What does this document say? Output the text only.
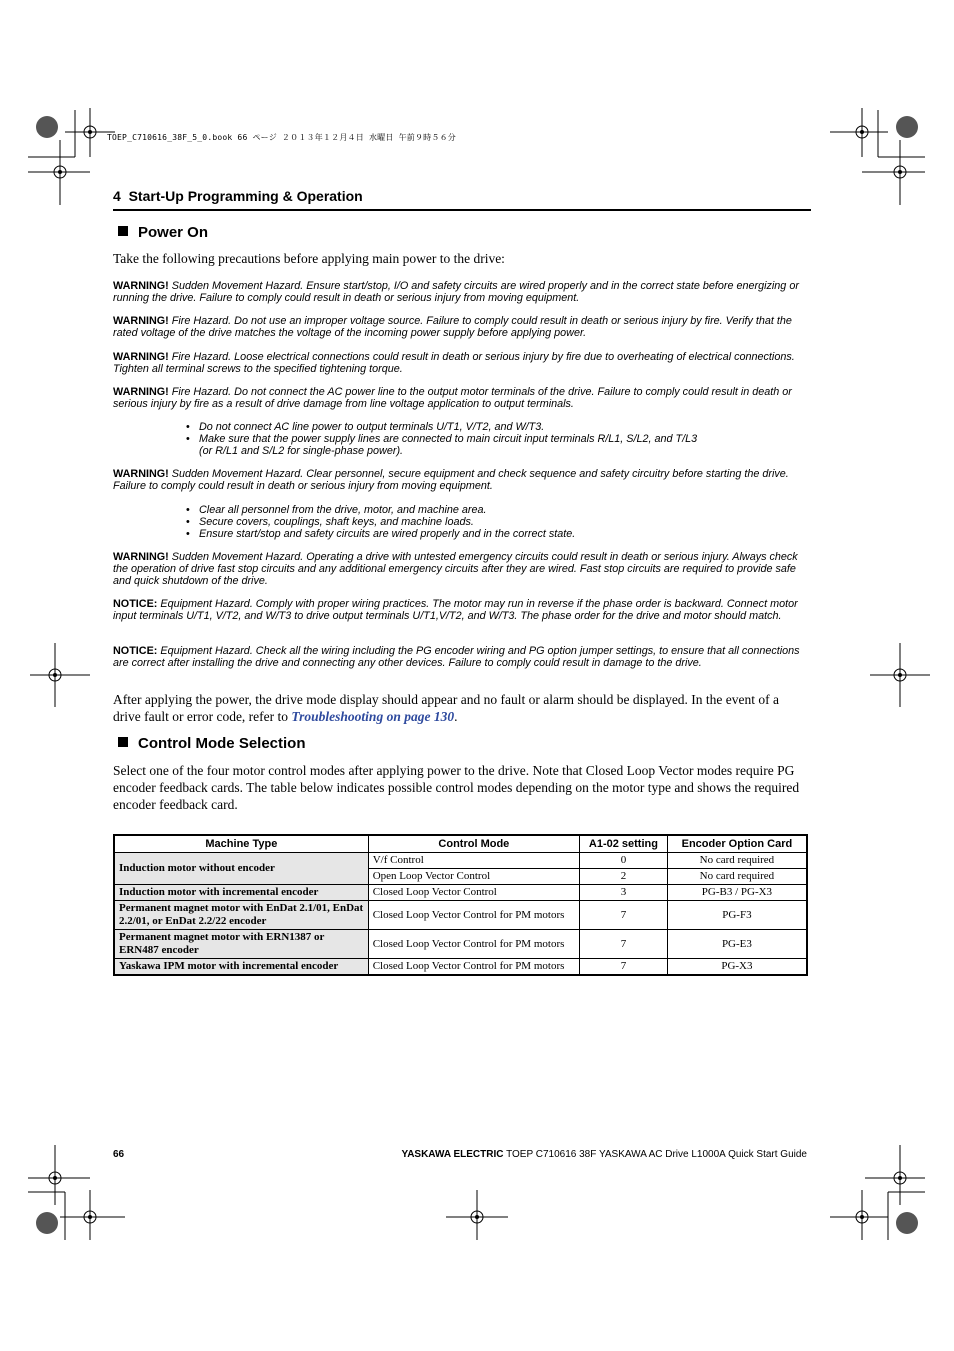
TOEP_C710616_38F_5_0.book 66 ページ ２０１３年１２月４日 水曜日 午前９時５６分
4 Start-Up Programming & Operation
Power On
Take the following precautions before applying main power to the drive:
WARNING! Sudden Movement Hazard. Ensure start/stop, I/O and safety circuits are wired properly and in the correct state before energizing or running the drive. Failure to comply could result in death or serious injury from moving equipment.
WARNING! Fire Hazard. Do not use an improper voltage source. Failure to comply could result in death or serious injury by fire. Verify that the rated voltage of the drive matches the voltage of the incoming power supply before applying power.
WARNING! Fire Hazard. Loose electrical connections could result in death or serious injury by fire due to overheating of electrical connections. Tighten all terminal screws to the specified tightening torque.
WARNING! Fire Hazard. Do not connect the AC power line to the output motor terminals of the drive. Failure to comply could result in death or serious injury by fire as a result of drive damage from line voltage application to output terminals.
• Do not connect AC line power to output terminals U/T1, V/T2, and W/T3.
• Make sure that the power supply lines are connected to main circuit input terminals R/L1, S/L2, and T/L3
(or R/L1 and S/L2 for single-phase power).
WARNING! Sudden Movement Hazard. Clear personnel, secure equipment and check sequence and safety circuitry before starting the drive. Failure to comply could result in death or serious injury from moving equipment.
• Clear all personnel from the drive, motor, and machine area.
• Secure covers, couplings, shaft keys, and machine loads.
• Ensure start/stop and safety circuits are wired properly and in the correct state.
WARNING! Sudden Movement Hazard. Operating a drive with untested emergency circuits could result in death or serious injury. Always check the operation of drive fast stop circuits and any additional emergency circuits after they are wired. Fast stop circuits are required to provide safe and quick shutdown of the drive.
NOTICE: Equipment Hazard. Comply with proper wiring practices. The motor may run in reverse if the phase order is backward. Connect motor input terminals U/T1, V/T2, and W/T3 to drive output terminals U/T1,V/T2, and W/T3. The phase order for the drive and motor should match.
NOTICE: Equipment Hazard. Check all the wiring including the PG encoder wiring and PG option jumper settings, to ensure that all connections are correct after installing the drive and connecting any other devices. Failure to comply could result in damage to the drive.
After applying the power, the drive mode display should appear and no fault or alarm should be displayed. In the event of a drive fault or error code, refer to Troubleshooting on page 130.
Control Mode Selection
Select one of the four motor control modes after applying power to the drive. Note that Closed Loop Vector modes require PG encoder feedback cards. The table below indicates possible control modes depending on the motor type and shows the required encoder feedback card.
Machine Type	Control Mode	A1-02 setting	Encoder Option Card
Induction motor without encoder	V/f Control	0	No card required
	Open Loop Vector Control	2	No card required
Induction motor with incremental encoder	Closed Loop Vector Control	3	PG-B3 / PG-X3
Permanent magnet motor with EnDat 2.1/01, EnDat 2.2/01, or EnDat 2.2/22 encoder	Closed Loop Vector Control for PM motors	7	PG-F3
Permanent magnet motor with ERN1387 or ERN487 encoder	Closed Loop Vector Control for PM motors	7	PG-E3
Yaskawa IPM motor with incremental encoder	Closed Loop Vector Control for PM motors	7	PG-X3
66	YASKAWA ELECTRIC TOEP C710616 38F YASKAWA AC Drive L1000A Quick Start Guide
